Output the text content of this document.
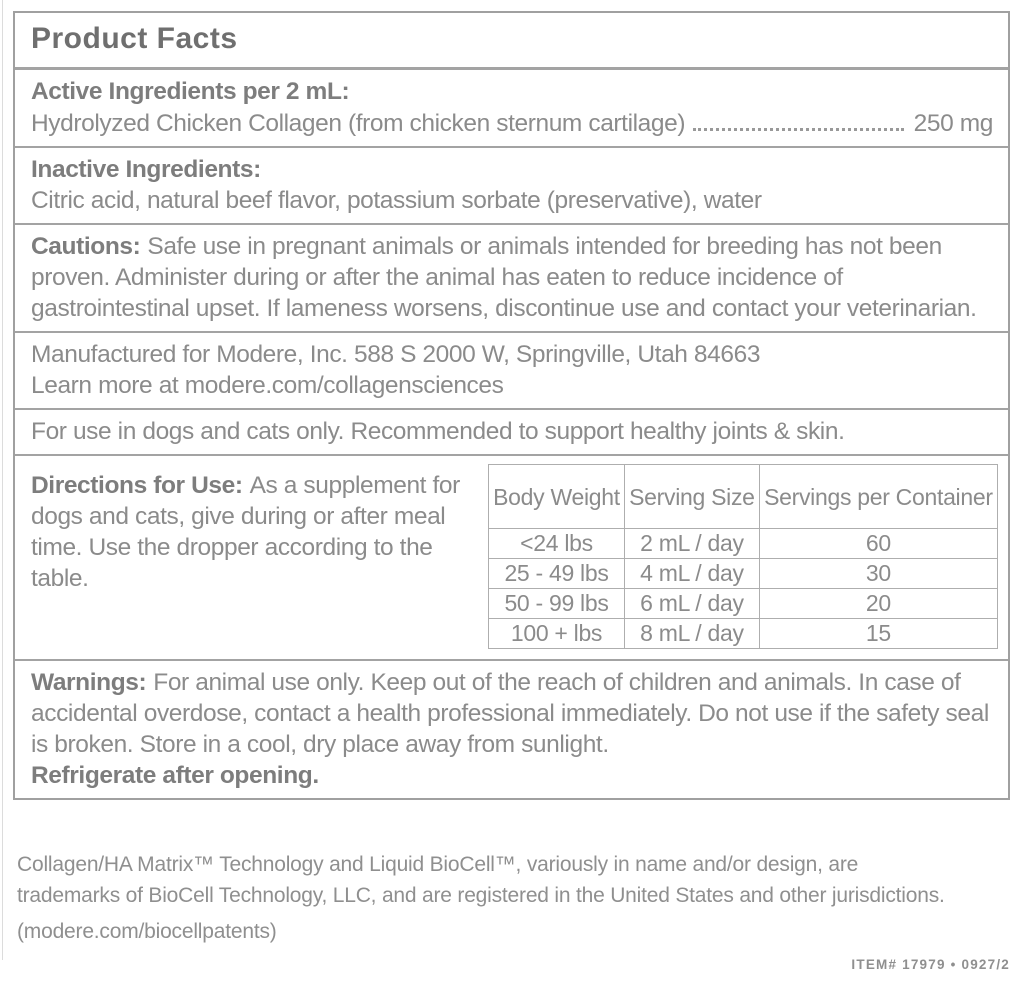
Product Facts

Active Ingredients per 2 mL:

Hydrolyzed Chicken Collagen (from chicken sternum cartilage)	250 mg

Inactive Ingredients:

Citric acid, natural beef flavor, potassium sorbate (preservative), water

Cautions: Safe use in pregnant animals or animals intended for breeding has not been proven. Administer during or after the animal has eaten to reduce incidence of gastrointestinal upset. If lameness worsens, discontinue use and contact your veterinarian.

Manufactured for Modere, Inc. 588 S 2000 W, Springville, Utah 84663

Learn more at modere.com/collagensciences

For use in dogs and cats only. Recommended to support healthy joints & skin.

Directions for Use: As a supplement for dogs and cats, give during or after meal time. Use the dropper according to the table.

Body Weight	Serving Size	Servings per Container
<24 lbs	2 mL / day	60
25 - 49 lbs	4 mL / day	30
50 - 99 lbs	6 mL / day	20
100 + lbs	8 mL / day	15

Warnings: For animal use only. Keep out of the reach of children and animals. In case of accidental overdose, contact a health professional immediately. Do not use if the safety seal is broken. Store in a cool, dry place away from sunlight.

Refrigerate after opening.

Collagen/HA Matrix™ Technology and Liquid BioCell™, variously in name and/or design, are trademarks of BioCell Technology, LLC, and are registered in the United States and other jurisdictions.

(modere.com/biocellpatents)

ITEM# 17979 • 0927/2
